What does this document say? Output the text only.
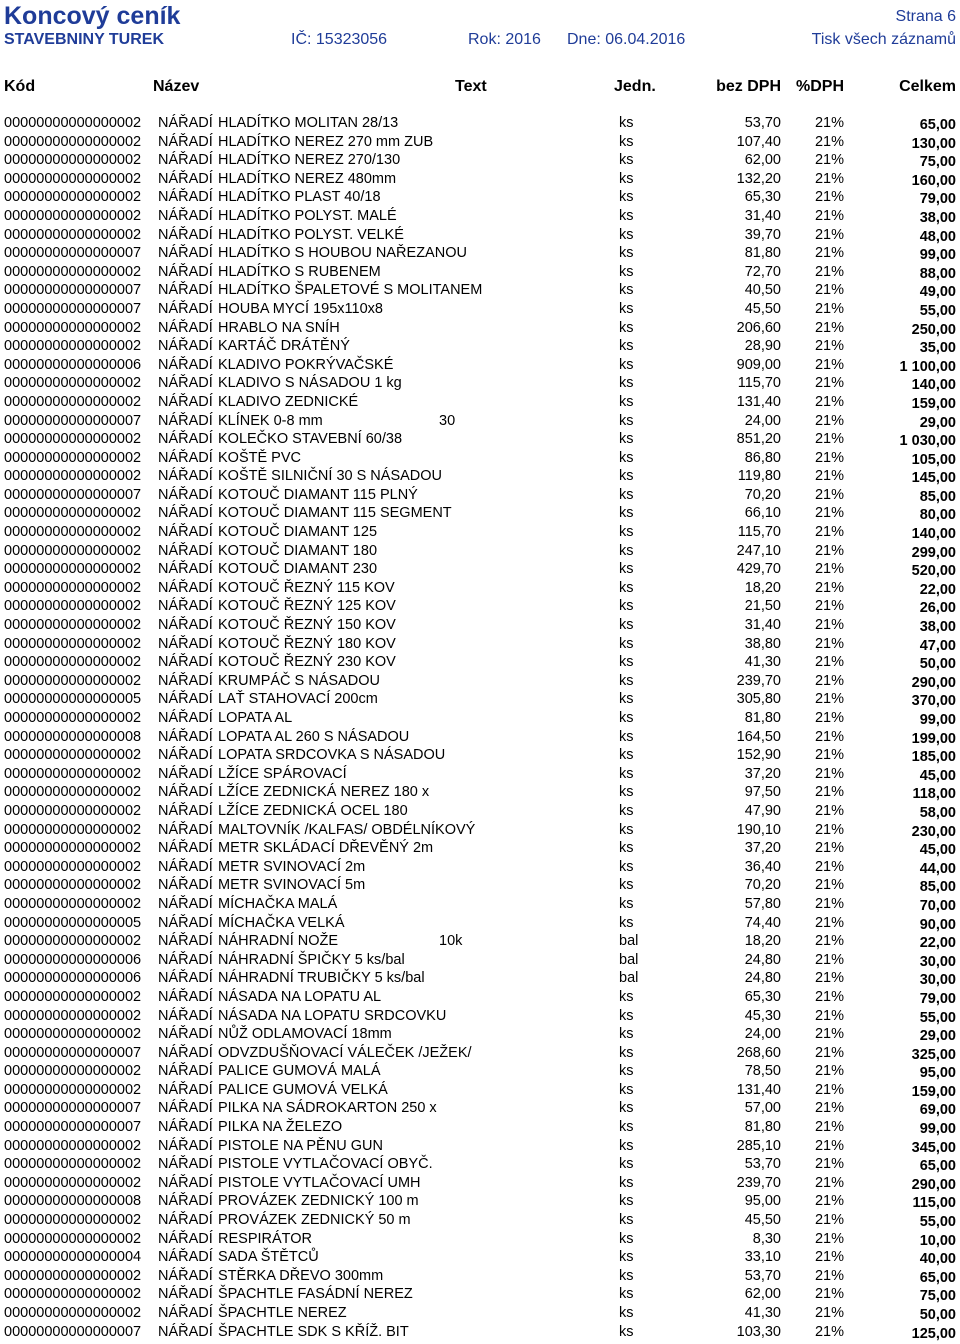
Koncový ceník	Strana 6
STAVEBNINY TUREK	IČ: 15323056	Rok: 2016 Dne: 06.04.2016	Tisk všech záznamů
Kód	Název	Text	Jedn.	bez DPH %DPH	Celkem
00000000000000002	NÁŘADÍ HLADÍTKO MOLITAN 28/13	ks	53,70 21%	65,00
00000000000000002	NÁŘADÍ HLADÍTKO NEREZ 270 mm ZUB	ks	107,40 21%	130,00
00000000000000002	NÁŘADÍ HLADÍTKO NEREZ 270/130	ks	62,00 21%	75,00
00000000000000002	NÁŘADÍ HLADÍTKO NEREZ 480mm	ks	132,20 21%	160,00
00000000000000002	NÁŘADÍ HLADÍTKO PLAST 40/18	ks	65,30 21%	79,00
00000000000000002	NÁŘADÍ HLADÍTKO POLYST. MALÉ	ks	31,40 21%	38,00
00000000000000002	NÁŘADÍ HLADÍTKO POLYST. VELKÉ	ks	39,70 21%	48,00
00000000000000007	NÁŘADÍ HLADÍTKO S HOUBOU NAŘEZANOU	ks	81,80 21%	99,00
00000000000000002	NÁŘADÍ HLADÍTKO S RUBENEM	ks	72,70 21%	88,00
00000000000000007	NÁŘADÍ HLADÍTKO ŠPALETOVÉ S MOLITANEM	ks	40,50 21%	49,00
00000000000000007	NÁŘADÍ HOUBA MYCÍ 195x110x8	ks	45,50 21%	55,00
00000000000000002	NÁŘADÍ HRABLO NA SNÍH	ks	206,60 21%	250,00
00000000000000002	NÁŘADÍ KARTÁČ DRÁTĚNÝ	ks	28,90 21%	35,00
00000000000000006	NÁŘADÍ KLADIVO POKRÝVAČSKÉ	ks	909,00 21%	1 100,00
00000000000000002	NÁŘADÍ KLADIVO S NÁSADOU 1 kg	ks	115,70 21%	140,00
00000000000000002	NÁŘADÍ KLADIVO ZEDNICKÉ	ks	131,40 21%	159,00
00000000000000007	NÁŘADÍ KLÍNEK 0-8 mm	30	ks	24,00 21%	29,00
00000000000000002	NÁŘADÍ KOLEČKO STAVEBNÍ 60/38	ks	851,20 21%	1 030,00
00000000000000002	NÁŘADÍ KOŠTĚ PVC	ks	86,80 21%	105,00
00000000000000002	NÁŘADÍ KOŠTĚ SILNIČNÍ 30 S NÁSADOU	ks	119,80 21%	145,00
00000000000000007	NÁŘADÍ KOTOUČ DIAMANT 115 PLNÝ	ks	70,20 21%	85,00
00000000000000002	NÁŘADÍ KOTOUČ DIAMANT 115 SEGMENT	ks	66,10 21%	80,00
00000000000000002	NÁŘADÍ KOTOUČ DIAMANT 125	ks	115,70 21%	140,00
00000000000000002	NÁŘADÍ KOTOUČ DIAMANT 180	ks	247,10 21%	299,00
00000000000000002	NÁŘADÍ KOTOUČ DIAMANT 230	ks	429,70 21%	520,00
00000000000000002	NÁŘADÍ KOTOUČ ŘEZNÝ 115 KOV	ks	18,20 21%	22,00
00000000000000002	NÁŘADÍ KOTOUČ ŘEZNÝ 125 KOV	ks	21,50 21%	26,00
00000000000000002	NÁŘADÍ KOTOUČ ŘEZNÝ 150 KOV	ks	31,40 21%	38,00
00000000000000002	NÁŘADÍ KOTOUČ ŘEZNÝ 180 KOV	ks	38,80 21%	47,00
00000000000000002	NÁŘADÍ KOTOUČ ŘEZNÝ 230 KOV	ks	41,30 21%	50,00
00000000000000002	NÁŘADÍ KRUMPÁČ S NÁSADOU	ks	239,70 21%	290,00
00000000000000005	NÁŘADÍ LAŤ STAHOVACÍ 200cm	ks	305,80 21%	370,00
00000000000000002	NÁŘADÍ LOPATA AL	ks	81,80 21%	99,00
00000000000000008	NÁŘADÍ LOPATA AL 260 S NÁSADOU	ks	164,50 21%	199,00
00000000000000002	NÁŘADÍ LOPATA SRDCOVKA S NÁSADOU	ks	152,90 21%	185,00
00000000000000002	NÁŘADÍ LŽÍCE SPÁROVACÍ	ks	37,20 21%	45,00
00000000000000002	NÁŘADÍ LŽÍCE ZEDNICKÁ NEREZ 180 x	ks	97,50 21%	118,00
00000000000000002	NÁŘADÍ LŽÍCE ZEDNICKÁ OCEL 180	ks	47,90 21%	58,00
00000000000000002	NÁŘADÍ MALTOVNÍK /KALFAS/ OBDÉLNÍKOVÝ	ks	190,10 21%	230,00
00000000000000002	NÁŘADÍ METR SKLÁDACÍ DŘEVĚNÝ 2m	ks	37,20 21%	45,00
00000000000000002	NÁŘADÍ METR SVINOVACÍ 2m	ks	36,40 21%	44,00
00000000000000002	NÁŘADÍ METR SVINOVACÍ 5m	ks	70,20 21%	85,00
00000000000000002	NÁŘADÍ MÍCHAČKA MALÁ	ks	57,80 21%	70,00
00000000000000005	NÁŘADÍ MÍCHAČKA VELKÁ	ks	74,40 21%	90,00
00000000000000002	NÁŘADÍ NÁHRADNÍ NOŽE	10k	bal	18,20 21%	22,00
00000000000000006	NÁŘADÍ NÁHRADNÍ ŠPIČKY 5 ks/bal	bal	24,80 21%	30,00
00000000000000006	NÁŘADÍ NÁHRADNÍ TRUBIČKY 5 ks/bal	bal	24,80 21%	30,00
00000000000000002	NÁŘADÍ NÁSADA NA LOPATU AL	ks	65,30 21%	79,00
00000000000000002	NÁŘADÍ NÁSADA NA LOPATU SRDCOVKU	ks	45,30 21%	55,00
00000000000000002	NÁŘADÍ NŮŽ ODLAMOVACÍ 18mm	ks	24,00 21%	29,00
00000000000000007	NÁŘADÍ ODVZDUŠŇOVACÍ VÁLEČEK /JEŽEK/	ks	268,60 21%	325,00
00000000000000002	NÁŘADÍ PALICE GUMOVÁ MALÁ	ks	78,50 21%	95,00
00000000000000002	NÁŘADÍ PALICE GUMOVÁ VELKÁ	ks	131,40 21%	159,00
00000000000000007	NÁŘADÍ PILKA NA SÁDROKARTON 250 x	ks	57,00 21%	69,00
00000000000000007	NÁŘADÍ PILKA NA ŽELEZO	ks	81,80 21%	99,00
00000000000000002	NÁŘADÍ PISTOLE NA PĚNU GUN	ks	285,10 21%	345,00
00000000000000002	NÁŘADÍ PISTOLE VYTLAČOVACÍ OBYČ.	ks	53,70 21%	65,00
00000000000000002	NÁŘADÍ PISTOLE VYTLAČOVACÍ UMH	ks	239,70 21%	290,00
00000000000000008	NÁŘADÍ PROVÁZEK ZEDNICKÝ 100 m	ks	95,00 21%	115,00
00000000000000002	NÁŘADÍ PROVÁZEK ZEDNICKÝ 50 m	ks	45,50 21%	55,00
00000000000000002	NÁŘADÍ RESPIRÁTOR	ks	8,30 21%	10,00
00000000000000004	NÁŘADÍ SADA ŠTĚTCŮ	ks	33,10 21%	40,00
00000000000000002	NÁŘADÍ STĚRKA DŘEVO 300mm	ks	53,70 21%	65,00
00000000000000002	NÁŘADÍ ŠPACHTLE FASÁDNÍ NEREZ	ks	62,00 21%	75,00
00000000000000002	NÁŘADÍ ŠPACHTLE NEREZ	ks	41,30 21%	50,00
00000000000000007	NÁŘADÍ ŠPACHTLE SDK S KŘÍŽ. BIT	ks	103,30 21%	125,00
